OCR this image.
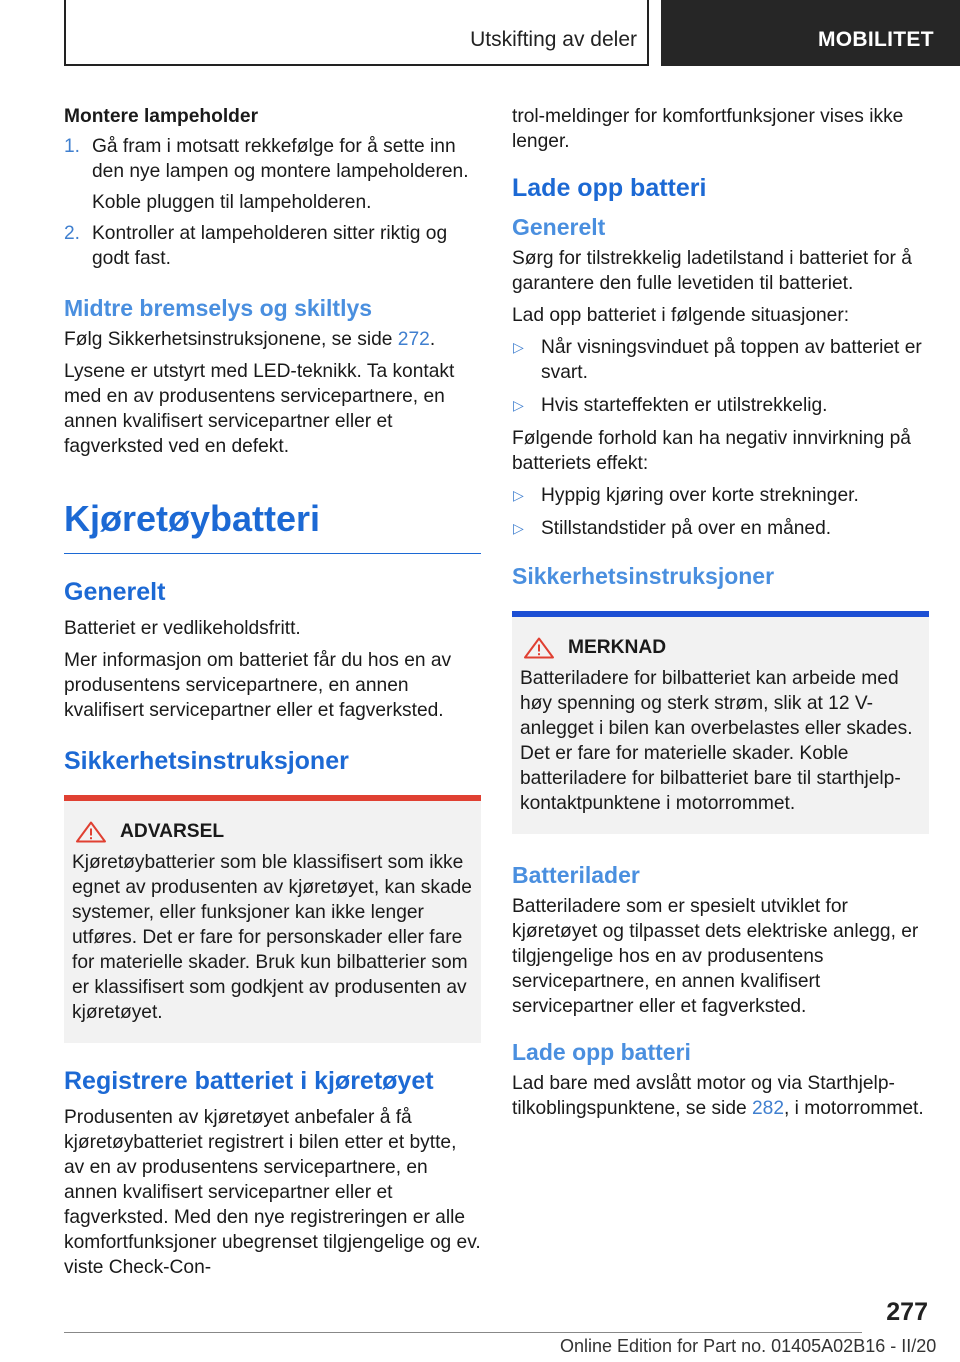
Utskifting av deler	MOBILITET

Montere lampeholder

1. Gå fram i motsatt rekkefølge for å sette inn den nye lampen og montere lampeholderen.
Koble pluggen til lampeholderen.
2. Kontroller at lampeholderen sitter riktig og godt fast.
Midtre bremselys og skiltlys

Følg Sikkerhetsinstruksjonene, se side 272.

Lysene er utstyrt med LED-teknikk. Ta kontakt med en av produsentens servicepartnere, en annen kvalifisert servicepartner eller et fagverksted ved en defekt.

Kjøretøybatteri
Generelt

Batteriet er vedlikeholdsfritt.

Mer informasjon om batteriet får du hos en av produsentens servicepartnere, en annen kvalifisert servicepartner eller et fagverksted.

Sikkerhetsinstruksjoner
ADVARSEL
Kjøretøybatterier som ble klassifisert som ikke egnet av produsenten av kjøretøyet, kan skade systemer, eller funksjoner kan ikke lenger utføres. Det er fare for personskader eller fare for materielle skader. Bruk kun bilbatterier som er klassifisert som godkjent av produsenten av kjøretøyet.
Registrere batteriet i kjøretøyet

Produsenten av kjøretøyet anbefaler å få kjøretøybatteriet registrert i bilen etter et bytte, av en av produsentens servicepartnere, en annen kvalifisert servicepartner eller et fagverksted. Med den nye registreringen er alle komfortfunksjoner ubegrenset tilgjengelige og ev. viste Check-Con-

trol-meldinger for komfortfunksjoner vises ikke lenger.

Lade opp batteri
Generelt

Sørg for tilstrekkelig ladetilstand i batteriet for å garantere den fulle levetiden til batteriet.

Lad opp batteriet i følgende situasjoner:

▷ Når visningsvinduet på toppen av batteriet er svart.
▷ Hvis starteffekten er utilstrekkelig.

Følgende forhold kan ha negativ innvirkning på batteriets effekt:

▷ Hyppig kjøring over korte strekninger.
▷ Stillstandstider på over en måned.
Sikkerhetsinstruksjoner
MERKNAD
Batteriladere for bilbatteriet kan arbeide med høy spenning og sterk strøm, slik at 12 V-anlegget i bilen kan overbelastes eller skades. Det er fare for materielle skader. Koble batteriladere for bilbatteriet bare til starthjelp-kontaktpunktene i motorrommet.
Batterilader

Batteriladere som er spesielt utviklet for kjøretøyet og tilpasset dets elektriske anlegg, er tilgjengelige hos en av produsentens servicepartnere, en annen kvalifisert servicepartner eller et fagverksted.

Lade opp batteri

Lad bare med avslått motor og via Starthjelp-tilkoblingspunktene, se side 282, i motorrommet.

277
Online Edition for Part no. 01405A02B16 - II/20
